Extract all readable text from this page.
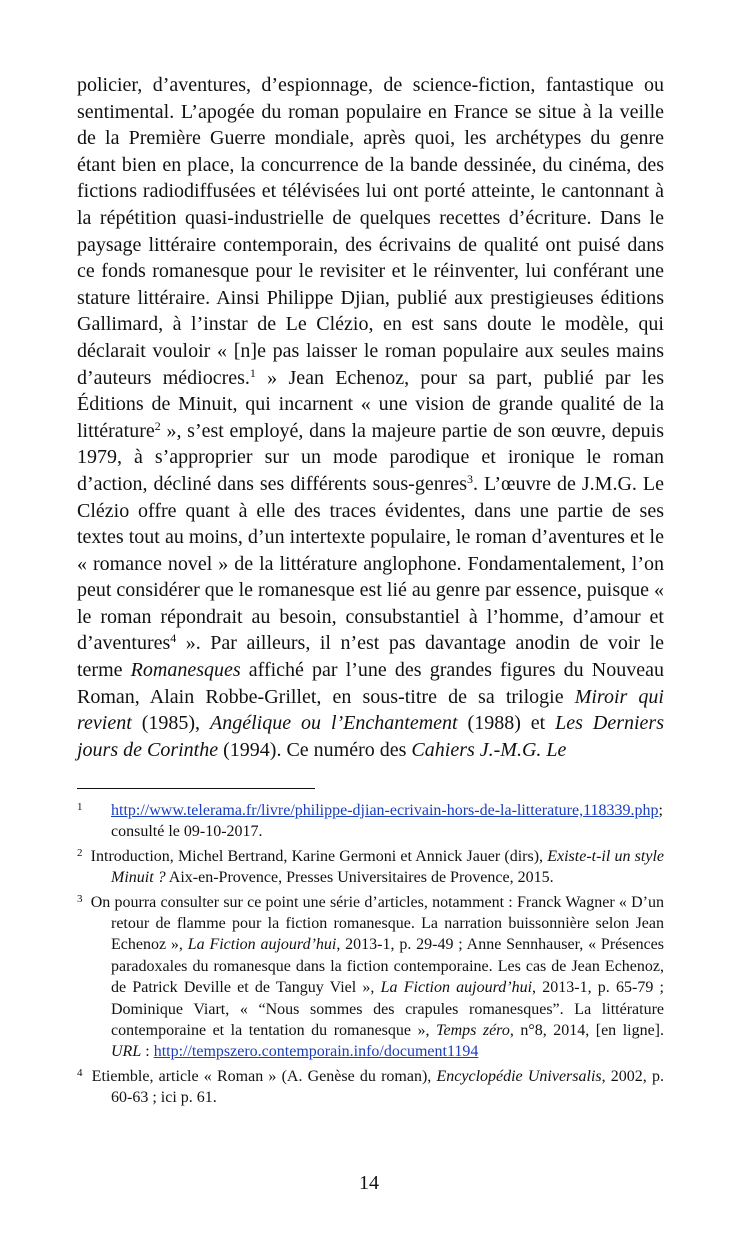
policier, d’aventures, d’espionnage, de science-fiction, fantastique ou sentimental. L’apogée du roman populaire en France se situe à la veille de la Première Guerre mondiale, après quoi, les archétypes du genre étant bien en place, la concurrence de la bande dessinée, du cinéma, des fictions radiodiffusées et télévisées lui ont porté atteinte, le cantonnant à la répétition quasi-industrielle de quelques recettes d’écriture. Dans le paysage littéraire contemporain, des écrivains de qualité ont puisé dans ce fonds romanesque pour le revisiter et le réinventer, lui conférant une stature littéraire. Ainsi Philippe Djian, publié aux prestigieuses éditions Gallimard, à l’instar de Le Clézio, en est sans doute le modèle, qui déclarait vouloir « [n]e pas laisser le roman populaire aux seules mains d’auteurs médiocres.$^1$ » Jean Echenoz, pour sa part, publié par les Éditions de Minuit, qui incarnent « une vision de grande qualité de la littérature$^2$ », s’est employé, dans la majeure partie de son œuvre, depuis 1979, à s’approprier sur un mode parodique et ironique le roman d’action, décliné dans ses différents sous-genres$^3$. L’œuvre de J.M.G. Le Clézio offre quant à elle des traces évidentes, dans une partie de ses textes tout au moins, d’un intertexte populaire, le roman d’aventures et le « romance novel » de la littérature anglophone. Fondamentalement, l’on peut considérer que le romanesque est lié au genre par essence, puisque « le roman répondrait au besoin, consubstantiel à l’homme, d’amour et d’aventures$^4$ ». Par ailleurs, il n’est pas davantage anodin de voir le terme Romanesques affiché par l’une des grandes figures du Nouveau Roman, Alain Robbe-Grillet, en sous-titre de sa trilogie Miroir qui revient (1985), Angélique ou l’Enchantement (1988) et Les Derniers jours de Corinthe (1994). Ce numéro des Cahiers J.-M.G. Le

1 http://www.telerama.fr/livre/philippe-djian-ecrivain-hors-de-la-litterature,118339.php; consulté le 09-10-2017.

2 Introduction, Michel Bertrand, Karine Germoni et Annick Jauer (dirs), Existe-t-il un style Minuit ? Aix-en-Provence, Presses Universitaires de Provence, 2015.

3 On pourra consulter sur ce point une série d’articles, notamment : Franck Wagner « D’un retour de flamme pour la fiction romanesque. La narration buissonnière selon Jean Echenoz », La Fiction aujourd’hui, 2013-1, p. 29-49 ; Anne Sennhauser, « Présences paradoxales du romanesque dans la fiction contemporaine. Les cas de Jean Echenoz, de Patrick Deville et de Tanguy Viel », La Fiction aujourd’hui, 2013-1, p. 65-79 ; Dominique Viart, « “Nous sommes des crapules romanesques”. La littérature contemporaine et la tentation du romanesque », Temps zéro, n°8, 2014, [en ligne]. URL : http://tempszero.contemporain.info/document1194

4 Etiemble, article « Roman » (A. Genèse du roman), Encyclopédie Universalis, 2002, p. 60-63 ; ici p. 61.

14
